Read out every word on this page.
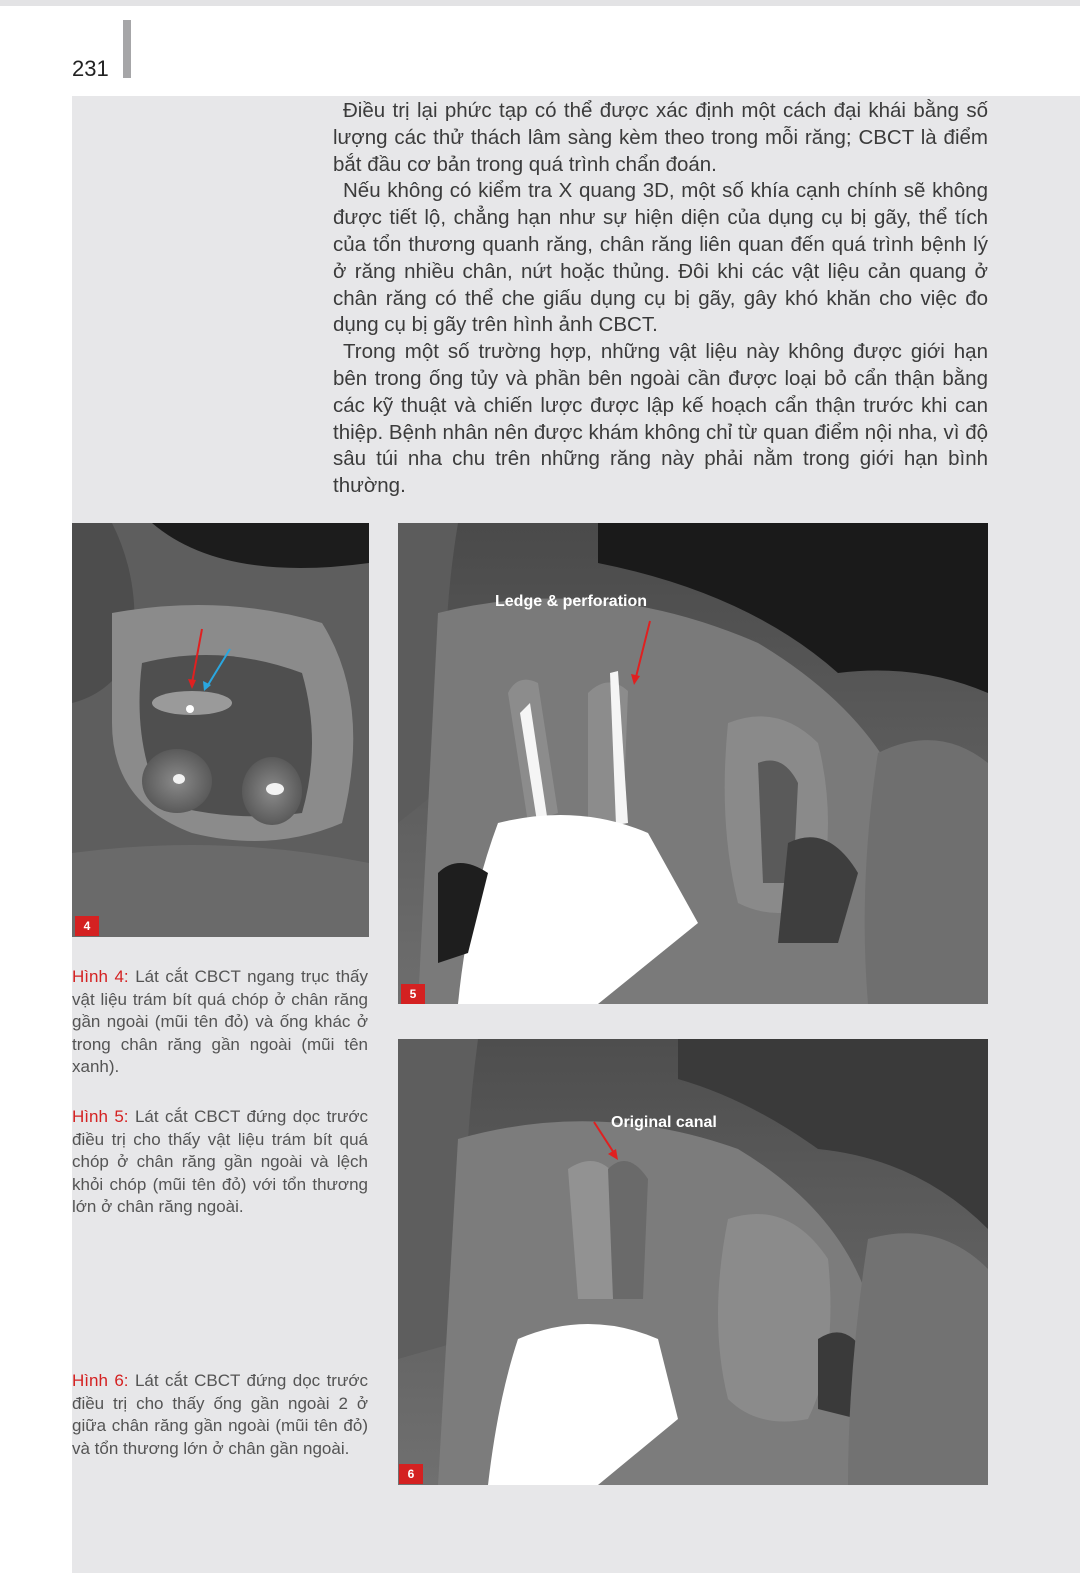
231

Điều trị lại phức tạp có thể được xác định một cách đại khái bằng số lượng các thử thách lâm sàng kèm theo trong mỗi răng; CBCT là điểm bắt đầu cơ bản trong quá trình chẩn đoán.

Nếu không có kiểm tra X quang 3D, một số khía cạnh chính sẽ không được tiết lộ, chẳng hạn như sự hiện diện của dụng cụ bị gãy, thể tích của tổn thương quanh răng, chân răng liên quan đến quá trình bệnh lý ở răng nhiều chân, nứt hoặc thủng. Đôi khi các vật liệu cản quang ở chân răng có thể che giấu dụng cụ bị gãy, gây khó khăn cho việc đo dụng cụ bị gãy trên hình ảnh CBCT.

Trong một số trường hợp, những vật liệu này không được giới hạn bên trong ống tủy và phần bên ngoài cần được loại bỏ cẩn thận bằng các kỹ thuật và chiến lược được lập kế hoạch cẩn thận trước khi can thiệp. Bệnh nhân nên được khám không chỉ từ quan điểm nội nha, vì độ sâu túi nha chu trên những răng này phải nằm trong giới hạn bình thường.

4
Ledge & perforation
5
Original canal
6
Hình 4: Lát cắt CBCT ngang trục thấy vật liệu trám bít quá chóp ở chân răng gần ngoài (mũi tên đỏ) và ống khác ở trong chân răng gần ngoài (mũi tên xanh).
Hình 5: Lát cắt CBCT đứng dọc trước điều trị cho thấy vật liệu trám bít quá chóp ở chân răng gần ngoài và lệch khỏi chóp (mũi tên đỏ) với tổn thương lớn ở chân răng ngoài.
Hình 6: Lát cắt CBCT đứng dọc trước điều trị cho thấy ống gần ngoài 2 ở giữa chân răng gần ngoài (mũi tên đỏ) và tổn thương lớn ở chân gần ngoài.
